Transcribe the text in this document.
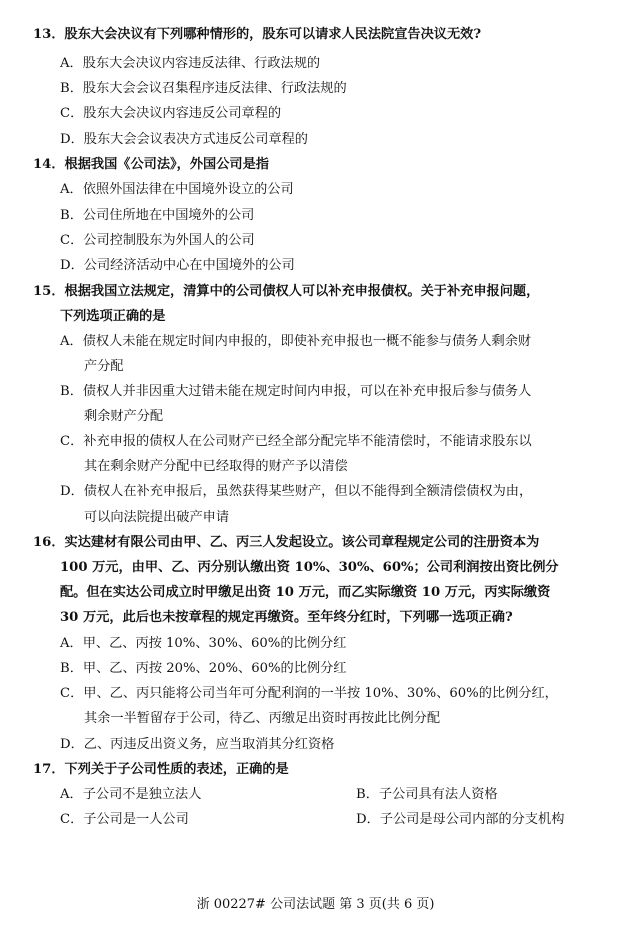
13．股东大会决议有下列哪种情形的，股东可以请求人民法院宣告决议无效?
A．股东大会决议内容违反法律、行政法规的
B．股东大会会议召集程序违反法律、行政法规的
C．股东大会决议内容违反公司章程的
D．股东大会会议表决方式违反公司章程的
14．根据我国《公司法》，外国公司是指
A．依照外国法律在中国境外设立的公司
B．公司住所地在中国境外的公司
C．公司控制股东为外国人的公司
D．公司经济活动中心在中国境外的公司
15．根据我国立法规定，清算中的公司债权人可以补充申报债权。关于补充申报问题，
下列选项正确的是
A．债权人未能在规定时间内申报的，即使补充申报也一概不能参与债务人剩余财
产分配
B．债权人并非因重大过错未能在规定时间内申报，可以在补充申报后参与债务人
剩余财产分配
C．补充申报的债权人在公司财产已经全部分配完毕不能清偿时，不能请求股东以
其在剩余财产分配中已经取得的财产予以清偿
D．债权人在补充申报后，虽然获得某些财产，但以不能得到全额清偿债权为由，
可以向法院提出破产申请
16．实达建材有限公司由甲、乙、丙三人发起设立。该公司章程规定公司的注册资本为
100 万元，由甲、乙、丙分别认缴出资 10%、30%、60%；公司利润按出资比例分
配。但在实达公司成立时甲缴足出资 10 万元，而乙实际缴资 10 万元，丙实际缴资
30 万元，此后也未按章程的规定再缴资。至年终分红时，下列哪一选项正确?
A．甲、乙、丙按 10%、30%、60%的比例分红
B．甲、乙、丙按 20%、20%、60%的比例分红
C．甲、乙、丙只能将公司当年可分配利润的一半按 10%、30%、60%的比例分红，
其余一半暂留存于公司，待乙、丙缴足出资时再按此比例分配
D．乙、丙违反出资义务，应当取消其分红资格
17．下列关于子公司性质的表述，正确的是
A．子公司不是独立法人	B．子公司具有法人资格
C．子公司是一人公司	D．子公司是母公司内部的分支机构
浙 00227# 公司法试题 第 3 页(共 6 页)
